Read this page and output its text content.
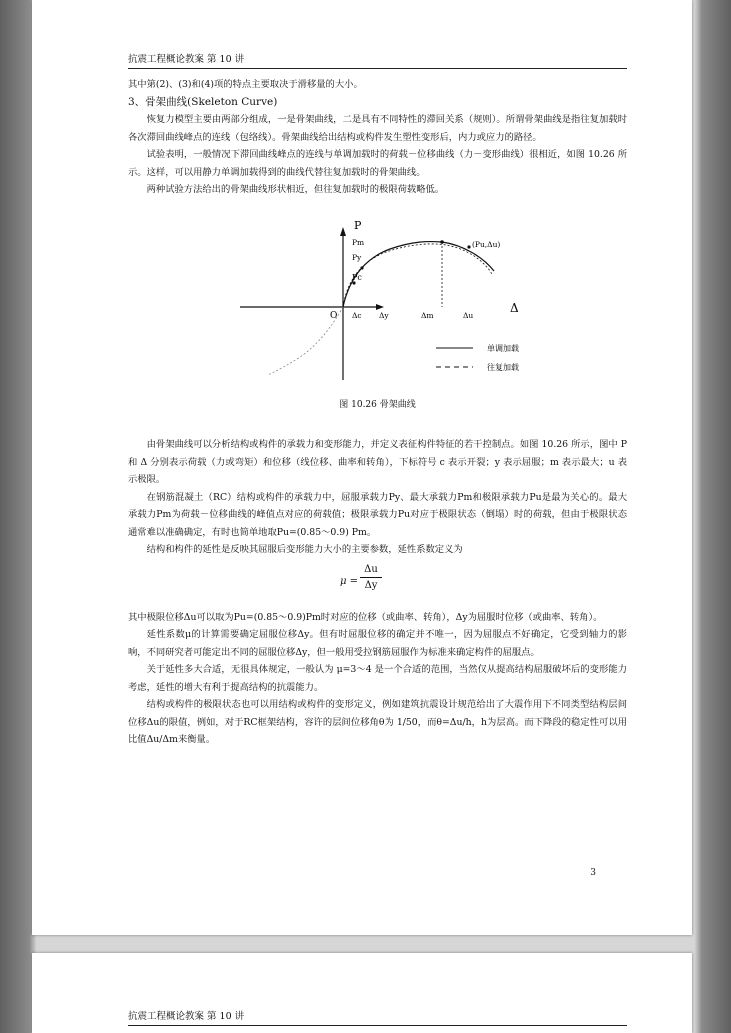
抗震工程概论教案 第 10 讲

其中第(2)、(3)和(4)项的特点主要取决于滑移量的大小。

3、骨架曲线(Skeleton Curve)

恢复力模型主要由两部分组成，一是骨架曲线，二是具有不同特性的滞回关系（规则）。所谓骨架曲线是指往复加载时各次滞回曲线峰点的连线（包络线）。骨架曲线给出结构或构件发生塑性变形后，内力或应力的路径。

试验表明，一般情况下滞回曲线峰点的连线与单调加载时的荷载－位移曲线（力－变形曲线）很相近，如图 10.26 所示。这样，可以用静力单调加载得到的曲线代替往复加载时的骨架曲线。

两种试验方法给出的骨架曲线形状相近，但往复加载时的极限荷载略低。

P
Δ
O
Pm
Py
Pc
Δc Δy	Δm	Δu
(Pu,Δu)
单调加载
往复加载
图 10.26 骨架曲线

由骨架曲线可以分析结构或构件的承载力和变形能力，并定义表征构件特征的若干控制点。如图 10.26 所示，图中 P 和 Δ 分别表示荷载（力或弯矩）和位移（线位移、曲率和转角），下标符号 c 表示开裂；y 表示屈服；m 表示最大；u 表示极限。

在钢筋混凝土（RC）结构或构件的承载力中，屈服承载力Py、最大承载力Pm和极限承载力Pu是最为关心的。最大承载力Pm为荷载－位移曲线的峰值点对应的荷载值；极限承载力Pu对应于极限状态（倒塌）时的荷载，但由于极限状态通常难以准确确定，有时也简单地取Pu=(0.85～0.9) Pm。

结构和构件的延性是反映其屈服后变形能力大小的主要参数，延性系数定义为

$\mu = \frac{\Delta u}{\Delta y}$

其中极限位移Δu可以取为Pu=(0.85～0.9)Pm时对应的位移（或曲率、转角），Δy为屈服时位移（或曲率、转角）。

延性系数μ的计算需要确定屈服位移Δy。但有时屈服位移的确定并不唯一，因为屈服点不好确定，它受到轴力的影响，不同研究者可能定出不同的屈服位移Δy，但一般用受拉钢筋屈服作为标准来确定构件的屈服点。

关于延性多大合适，无很具体规定，一般认为 μ=3～4 是一个合适的范围，当然仅从提高结构屈服破坏后的变形能力考虑，延性的增大有利于提高结构的抗震能力。

结构或构件的极限状态也可以用结构或构件的变形定义，例如建筑抗震设计规范给出了大震作用下不同类型结构层间位移Δu的限值，例如，对于RC框架结构，容许的层间位移角θ为 1/50，而θ=Δu/h，h为层高。而下降段的稳定性可以用比值Δu/Δm来衡量。

3
抗震工程概论教案 第 10 讲
